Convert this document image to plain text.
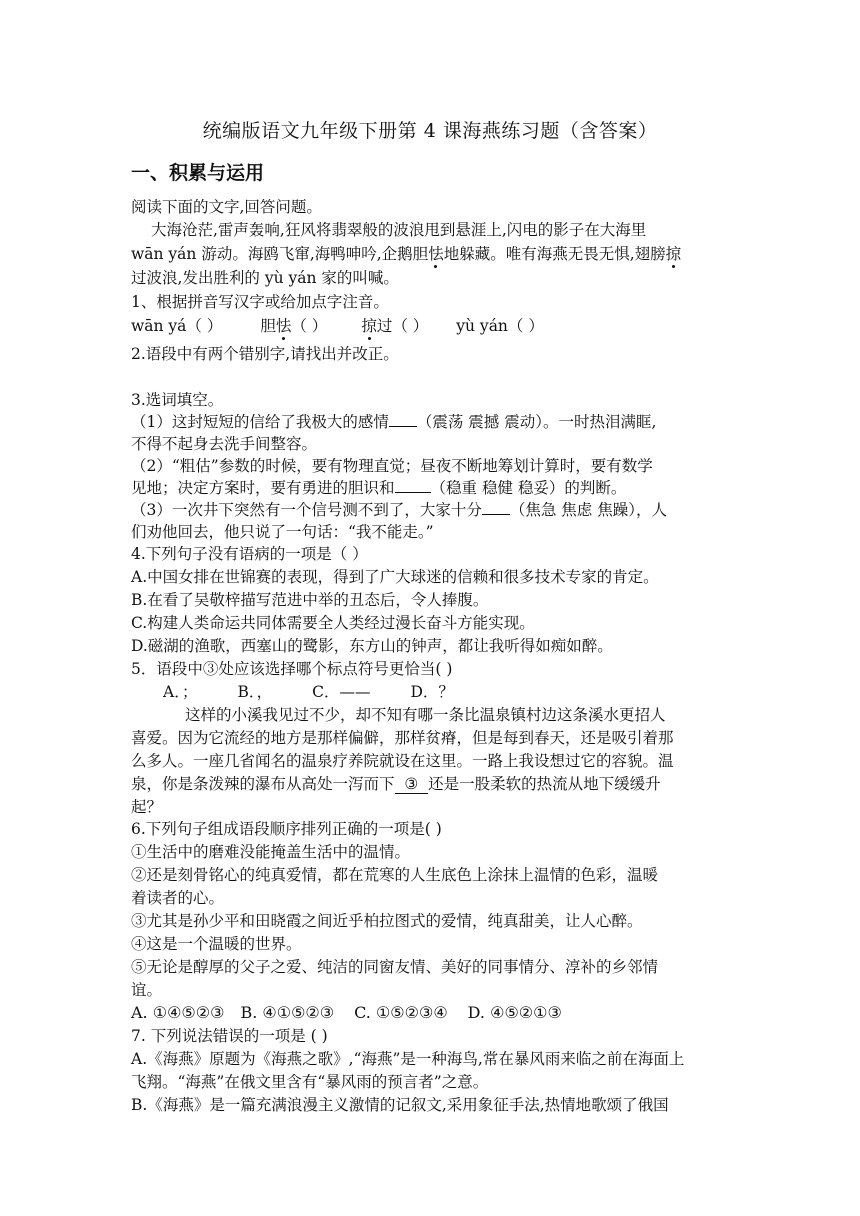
统编版语文九年级下册第 4 课海燕练习题（含答案）
一、积累与运用
阅读下面的文字,回答问题。
大海沧茫,雷声轰响,狂风将翡翠般的波浪甩到悬涯上,闪电的影子在大海里
wān yán 游动。海鸥飞窜,海鸭呻吟,企鹅胆怯地躲藏。唯有海燕无畏无惧,翅膀掠
过波浪,发出胜利的 yù yán 家的叫喊。
1、根据拼音写汉字或给加点字注音。
wān yá（ ） 胆怯（ ） 掠过（ ） yù yán（ ）
2.语段中有两个错别字,请找出并改正。
3.选词填空。
（1）这封短短的信给了我极大的感情 （震荡 震撼 震动）。一时热泪满眶,
不得不起身去洗手间整容。
（2）“粗估”参数的时候，要有物理直觉；昼夜不断地筹划计算时，要有数学
见地；决定方案时，要有勇进的胆识和 （稳重 稳健 稳妥）的判断。
（3）一次井下突然有一个信号测不到了，大家十分 （焦急 焦虑 焦躁），人
们劝他回去，他只说了一句话：“我不能走。”
4.下列句子没有语病的一项是（ ）
A.中国女排在世锦赛的表现，得到了广大球迷的信赖和很多技术专家的肯定。
B.在看了吴敬梓描写范进中举的丑态后，令人捧腹。
C.构建人类命运共同体需要全人类经过漫长奋斗方能实现。
D.磁湖的渔歌，西塞山的鹭影，东方山的钟声，都让我听得如痴如醉。
5．语段中③处应该选择哪个标点符号更恰当( )
A．；	B．，	C．——	D．？
这样的小溪我见过不少，却不知有哪一条比温泉镇村边这条溪水更招人
喜爱。因为它流经的地方是那样偏僻，那样贫瘠，但是每到春天，还是吸引着那
么多人。一座几省闻名的温泉疗养院就设在这里。一路上我设想过它的容貌。温
泉，你是条泼辣的瀑布从高处一泻而下  ③  还是一股柔软的热流从地下缓缓升
起？
6.下列句子组成语段顺序排列正确的一项是( )
①生活中的磨难没能掩盖生活中的温情。
②还是刻骨铭心的纯真爱情，都在荒寒的人生底色上涂抹上温情的色彩，温暖
着读者的心。
③尤其是孙少平和田晓霞之间近乎柏拉图式的爱情，纯真甜美，让人心醉。
④这是一个温暖的世界。
⑤无论是醇厚的父子之爱、纯洁的同窗友情、美好的同事情分、淳补的乡邻情
谊。
A. ①④⑤②③ B. ④①⑤②③ C. ①⑤②③④ D. ④⑤②①③
7. 下列说法错误的一项是 ( )
A.《海燕》原题为《海燕之歌》,“海燕”是一种海鸟,常在暴风雨来临之前在海面上
飞翔。“海燕”在俄文里含有“暴风雨的预言者”之意。
B.《海燕》是一篇充满浪漫主义激情的记叙文,采用象征手法,热情地歌颂了俄国
